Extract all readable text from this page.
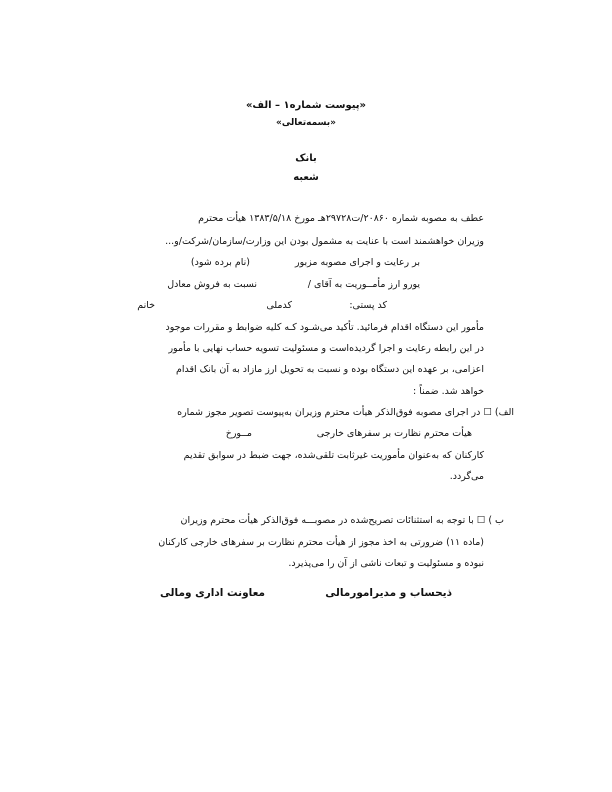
«پیوست شماره۱ – الف»
«بسمه‌تعالی»
بانک
شعبه
عطف به مصوبه شماره ۲۰۸۶۰/ت۲۹۷۲۸هـ مورخ ۱۳۸۳/۵/۱۸ هیأت محترم
وزیران خواهشمند است با عنایت به مشمول بودن این وزارت/سازمان/شرکت/و...
(نام برده شود)	بر رعایت و اجرای مصوبه مزبور
نسبت به فروش معادل	یورو ارز مأمــوریت به آقای /
خانم	کدملی	کد پستی:
مأمور این دستگاه اقدام فرمائید. تأکید می‌شـود کـه کلیه ضوابط و مقررات موجود
در این رابطه رعایت و اجرا گردیده‌است و مسئولیت تسویه حساب نهایی با مأمور
اعزامی، بر عهده این دستگاه بوده و نسبت به تحویل ارز مازاد به آن بانک اقدام
خواهد شد. ضمناً :
الف) ☐ در اجرای مصوبه فوق‌الذکر هیأت محترم وزیران به‌پیوست تصویر مجوز شماره
مــورخ	هیأت محترم نظارت بر سفرهای خارجی
کارکنان که به‌عنوان مأموریت غیرثابت تلقی‌شده، جهت ضبط در سوابق تقدیم
می‌گردد.
ب ) ☐ با توجه به استثنائات تصریح‌شده در مصوبـــه فوق‌الذکر هیأت محترم وزیران
(ماده ۱۱) ضرورتی به اخذ مجوز از هیأت محترم نظارت بر سفرهای خارجی کارکنان
نبوده و مسئولیت و تبعات ناشی از آن را می‌پذیرد.
ذیحساب و مدیرامورمالی
معاونت اداری ومالی
